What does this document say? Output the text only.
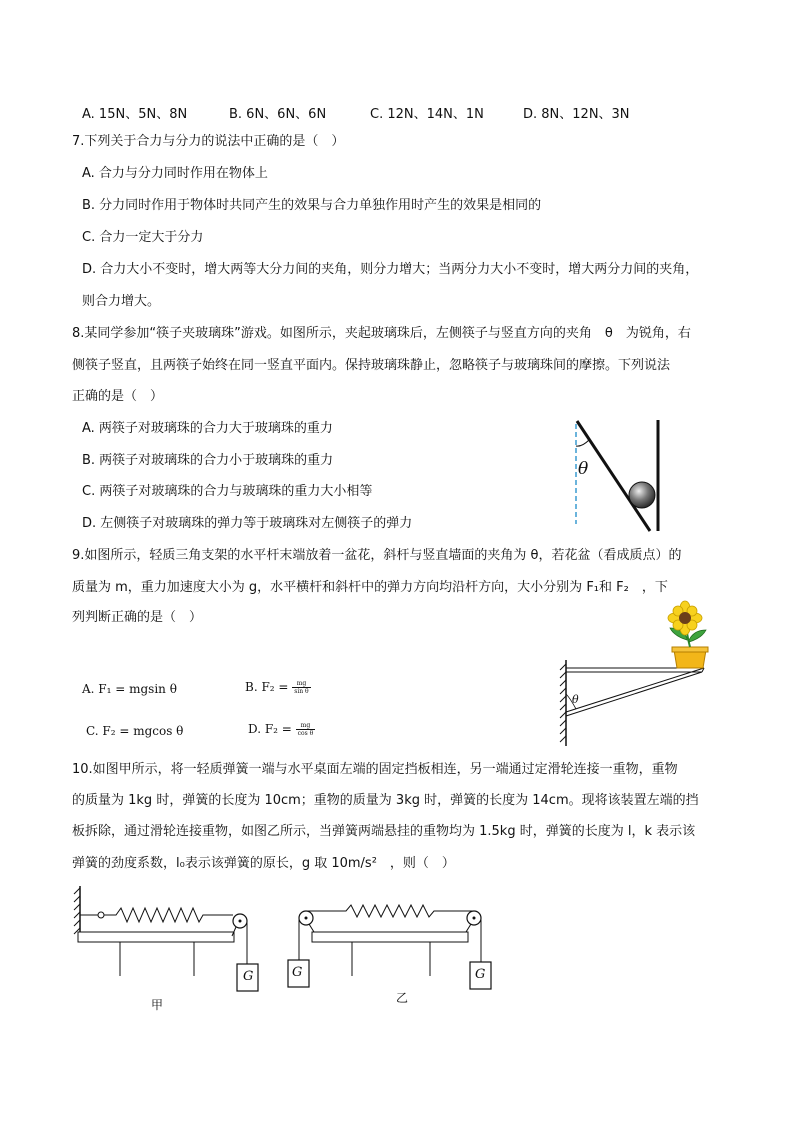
A. 15N、5N、8N	B. 6N、6N、6N	C. 12N、14N、1N	D. 8N、12N、3N
7.下列关于合力与分力的说法中正确的是（　）
A. 合力与分力同时作用在物体上
B. 分力同时作用于物体时共同产生的效果与合力单独作用时产生的效果是相同的
C. 合力一定大于分力
D. 合力大小不变时，增大两等大分力间的夹角，则分力增大；当两分力大小不变时，增大两分力间的夹角，
则合力增大。
8.某同学参加“筷子夹玻璃珠”游戏。如图所示，夹起玻璃珠后，左侧筷子与竖直方向的夹角　θ　为锐角，右
侧筷子竖直，且两筷子始终在同一竖直平面内。保持玻璃珠静止，忽略筷子与玻璃珠间的摩擦。下列说法
正确的是（　）
A. 两筷子对玻璃珠的合力大于玻璃珠的重力
B. 两筷子对玻璃珠的合力小于玻璃珠的重力
C. 两筷子对玻璃珠的合力与玻璃珠的重力大小相等
D. 左侧筷子对玻璃珠的弹力等于玻璃珠对左侧筷子的弹力
θ
9.如图所示，轻质三角支架的水平杆末端放着一盆花，斜杆与竖直墙面的夹角为 θ，若花盆（看成质点）的
质量为 m，重力加速度大小为 g，水平横杆和斜杆中的弹力方向均沿杆方向，大小分别为 F₁和 F₂　，下
列判断正确的是（　）
A. F₁ = mgsin θ	B. $F_2 = \frac{mg}{\text{sin θ}}$
C. F₂ = mgcos θ	D. $F_2 = \frac{mg}{\text{cos θ}}$
θ
10.如图甲所示，将一轻质弹簧一端与水平桌面左端的固定挡板相连，另一端通过定滑轮连接一重物，重物
的质量为 1kg 时，弹簧的长度为 10cm；重物的质量为 3kg 时，弹簧的长度为 14cm。现将该装置左端的挡
板拆除，通过滑轮连接重物，如图乙所示，当弹簧两端悬挂的重物均为 1.5kg 时，弹簧的长度为 l，k 表示该
弹簧的劲度系数，l₀表示该弹簧的原长，g 取 10m/s²　，则（　）
G
甲
G	G
乙
